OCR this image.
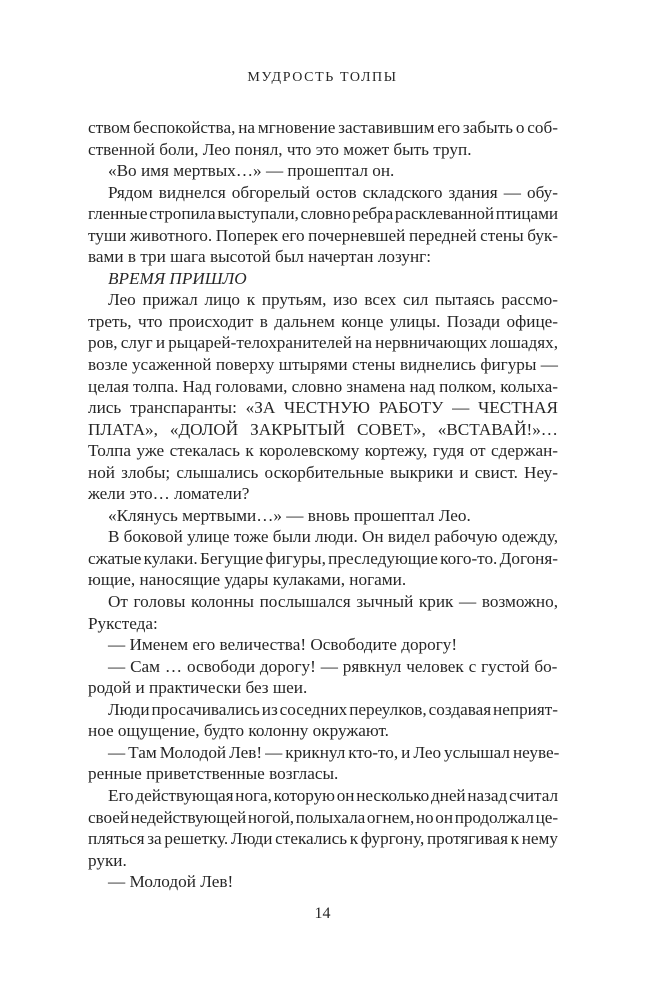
МУДРОСТЬ ТОЛПЫ
ством беспокойства, на мгновение заставившим его забыть о соб-
ственной боли, Лео понял, что это может быть труп.
«Во имя мертвых…» — прошептал он.
Рядом виднелся обгорелый остов складского здания — обу-
гленные стропила выступали, словно ребра расклеванной птицами
туши животного. Поперек его почерневшей передней стены бук-
вами в три шага высотой был начертан лозунг:
ВРЕМЯ ПРИШЛО
Лео прижал лицо к прутьям, изо всех сил пытаясь рассмо-
треть, что происходит в дальнем конце улицы. Позади офице-
ров, слуг и рыцарей-телохранителей на нервничающих лошадях,
возле усаженной поверху штырями стены виднелись фигуры —
целая толпа. Над головами, словно знамена над полком, колыха-
лись транспаранты: «ЗА ЧЕСТНУЮ РАБОТУ — ЧЕСТНАЯ
ПЛАТА», «ДОЛОЙ ЗАКРЫТЫЙ СОВЕТ», «ВСТАВАЙ!»…
Толпа уже стекалась к королевскому кортежу, гудя от сдержан-
ной злобы; слышались оскорбительные выкрики и свист. Неу-
жели это… ломатели?
«Клянусь мертвыми…» — вновь прошептал Лео.
В боковой улице тоже были люди. Он видел рабочую одежду,
сжатые кулаки. Бегущие фигуры, преследующие кого-то. Догоня-
ющие, наносящие удары кулаками, ногами.
От головы колонны послышался зычный крик — возможно,
Рукстеда:
— Именем его величества! Освободите дорогу!
— Сам … освободи дорогу! — рявкнул человек с густой бо-
родой и практически без шеи.
Люди просачивались из соседних переулков, создавая неприят-
ное ощущение, будто колонну окружают.
— Там Молодой Лев! — крикнул кто-то, и Лео услышал неуве-
ренные приветственные возгласы.
Его действующая нога, которую он несколько дней назад считал
своей недействующей ногой, полыхала огнем, но он продолжал це-
пляться за решетку. Люди стекались к фургону, протягивая к нему
руки.
— Молодой Лев!
14
